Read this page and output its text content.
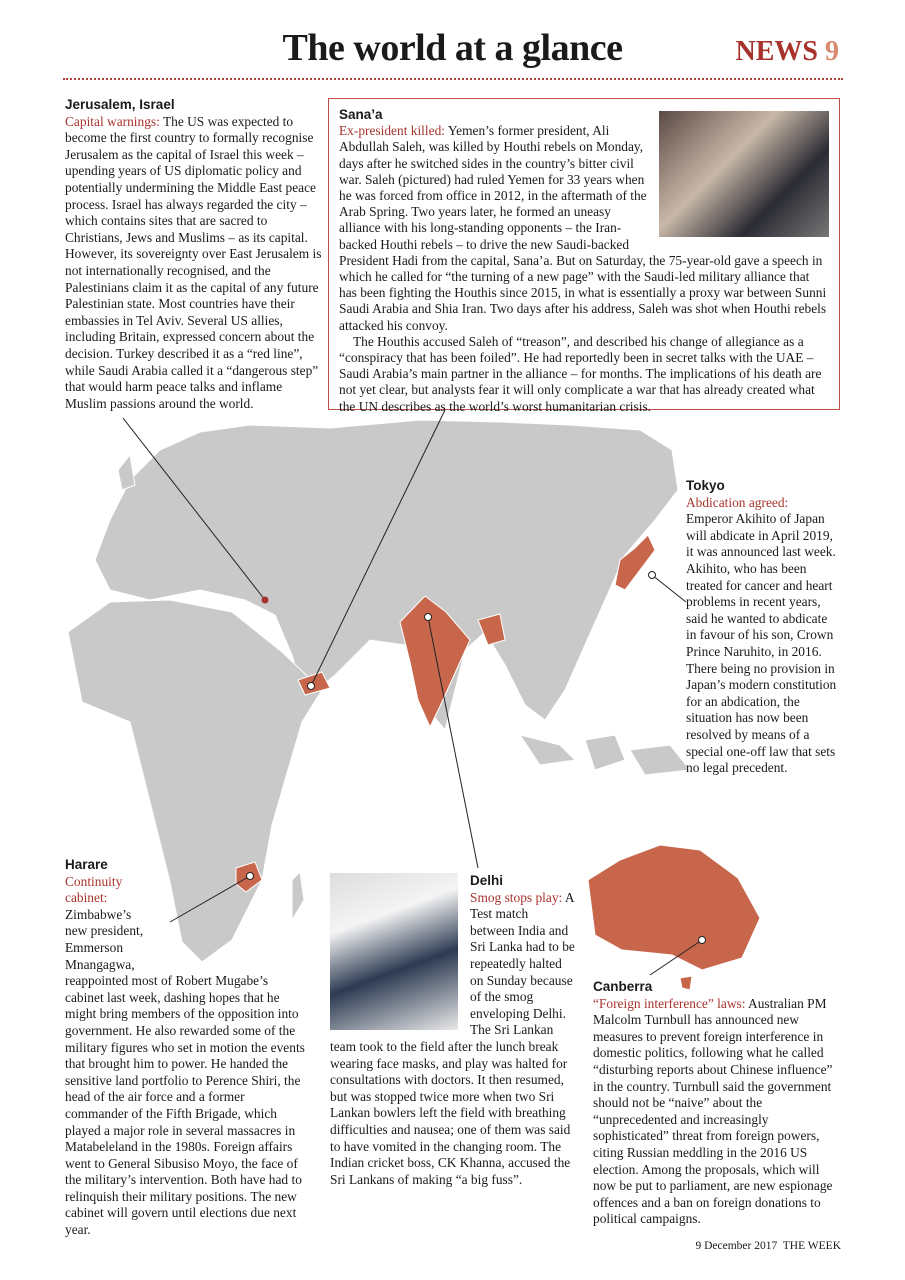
The world at a glance	NEWS 9
Jerusalem, Israel

Capital warnings: The US was expected to become the first country to formally recognise Jerusalem as the capital of Israel this week – upending years of US diplomatic policy and potentially undermining the Middle East peace process. Israel has always regarded the city – which contains sites that are sacred to Christians, Jews and Muslims – as its capital. However, its sovereignty over East Jerusalem is not internationally recognised, and the Palestinians claim it as the capital of any future Palestinian state. Most countries have their embassies in Tel Aviv. Several US allies, including Britain, expressed concern about the decision. Turkey described it as a “red line”, while Saudi Arabia called it a “dangerous step” that would harm peace talks and inflame Muslim passions around the world.

Sana’a

Ex-president killed: Yemen’s former president, Ali Abdullah Saleh, was killed by Houthi rebels on Monday, days after he switched sides in the country’s bitter civil war. Saleh (pictured) had ruled Yemen for 33 years when he was forced from office in 2012, in the aftermath of the Arab Spring. Two years later, he formed an uneasy alliance with his long-standing opponents – the Iran-backed Houthi rebels – to drive the new Saudi-backed President Hadi from the capital, Sana’a. But on Saturday, the 75-year-old gave a speech in which he called for “the turning of a new page” with the Saudi-led military alliance that has been fighting the Houthis since 2015, in what is essentially a proxy war between Sunni Saudi Arabia and Shia Iran. Two days after his address, Saleh was shot when Houthi rebels attacked his convoy.

The Houthis accused Saleh of “treason”, and described his change of allegiance as a “conspiracy that has been foiled”. He had reportedly been in secret talks with the UAE – Saudi Arabia’s main partner in the alliance – for months. The implications of his death are not yet clear, but analysts fear it will only complicate a war that has already created what the UN describes as the world’s worst humanitarian crisis.

Tokyo
Abdication agreed:

Emperor Akihito of Japan will abdicate in April 2019, it was announced last week. Akihito, who has been treated for cancer and heart problems in recent years, said he wanted to abdicate in favour of his son, Crown Prince Naruhito, in 2016. There being no provision in Japan’s modern constitution for an abdication, the situation has now been resolved by means of a special one-off law that sets no legal precedent.

Harare

Continuity cabinet: Zimbabwe’s new president, Emmerson Mnangagwa, reappointed most of Robert Mugabe’s cabinet last week, dashing hopes that he might bring members of the opposition into government. He also rewarded some of the military figures who set in motion the events that brought him to power. He handed the sensitive land portfolio to Perence Shiri, the head of the air force and a former commander of the Fifth Brigade, which played a major role in several massacres in Matabeleland in the 1980s. Foreign affairs went to General Sibusiso Moyo, the face of the military’s intervention. Both have had to relinquish their military positions. The new cabinet will govern until elections due next year.

Delhi

Smog stops play: A Test match between India and Sri Lanka had to be repeatedly halted on Sunday because of the smog enveloping Delhi. The Sri Lankan team took to the field after the lunch break wearing face masks, and play was halted for consultations with doctors. It then resumed, but was stopped twice more when two Sri Lankan bowlers left the field with breathing difficulties and nausea; one of them was said to have vomited in the changing room. The Indian cricket boss, CK Khanna, accused the Sri Lankans of making “a big fuss”.

Canberra

“Foreign interference” laws: Australian PM Malcolm Turnbull has announced new measures to prevent foreign interference in domestic politics, following what he called “disturbing reports about Chinese influence” in the country. Turnbull said the government should not be “naive” about the “unprecedented and increasingly sophisticated” threat from foreign powers, citing Russian meddling in the 2016 US election. Among the proposals, which will now be put to parliament, are new espionage offences and a ban on foreign donations to political campaigns.

9 December 2017 THE WEEK
